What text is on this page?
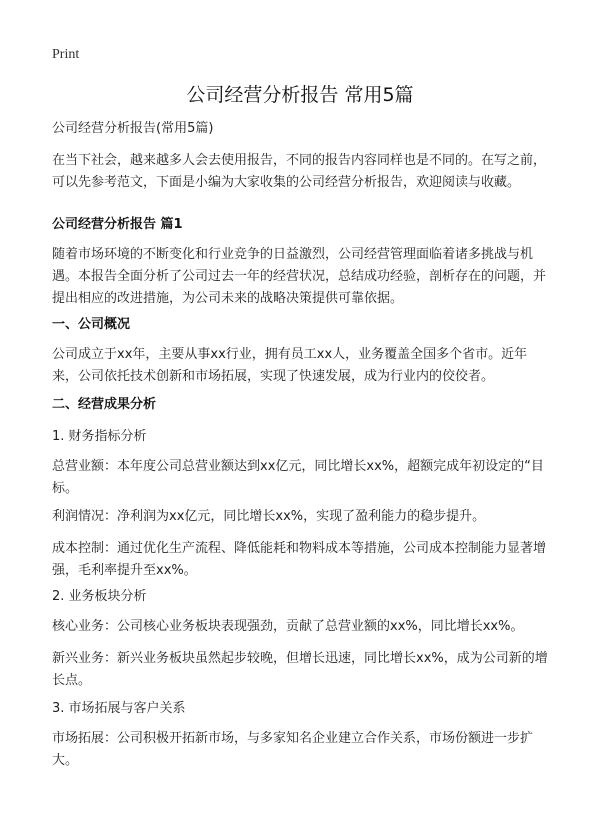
Print
公司经营分析报告 常用5篇
公司经营分析报告(常用5篇)
在当下社会，越来越多人会去使用报告，不同的报告内容同样也是不同的。在写之前，可以先参考范文，下面是小编为大家收集的公司经营分析报告，欢迎阅读与收藏。
公司经营分析报告 篇1
随着市场环境的不断变化和行业竞争的日益激烈，公司经营管理面临着诸多挑战与机遇。本报告全面分析了公司过去一年的经营状况，总结成功经验，剖析存在的问题，并提出相应的改进措施，为公司未来的战略决策提供可靠依据。
一、公司概况
公司成立于xx年，主要从事xx行业，拥有员工xx人，业务覆盖全国多个省市。近年来，公司依托技术创新和市场拓展，实现了快速发展，成为行业内的佼佼者。
二、经营成果分析
1. 财务指标分析
总营业额：本年度公司总营业额达到xx亿元，同比增长xx%，超额完成年初设定的“目标。
利润情况：净利润为xx亿元，同比增长xx%，实现了盈利能力的稳步提升。
成本控制：通过优化生产流程、降低能耗和物料成本等措施，公司成本控制能力显著增强，毛利率提升至xx%。
2. 业务板块分析
核心业务：公司核心业务板块表现强劲，贡献了总营业额的xx%，同比增长xx%。
新兴业务：新兴业务板块虽然起步较晚，但增长迅速，同比增长xx%，成为公司新的增长点。
3. 市场拓展与客户关系
市场拓展：公司积极开拓新市场，与多家知名企业建立合作关系，市场份额进一步扩大。
